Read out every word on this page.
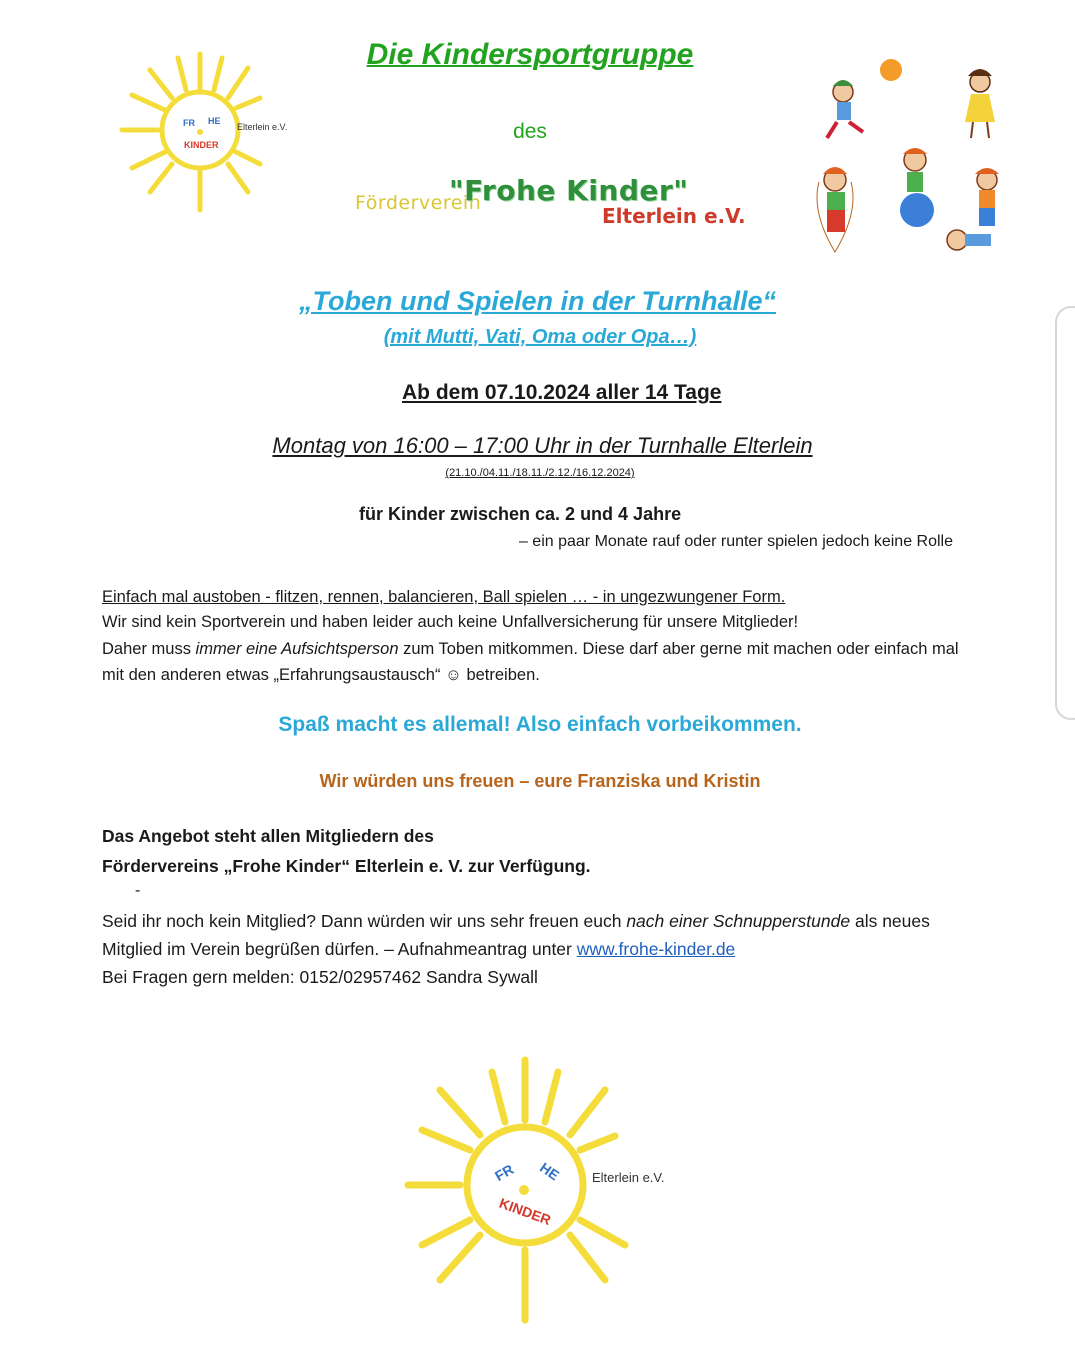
FR HE
KINDER
Elterlein e.V.
Die Kindersportgruppe
des
Förderverein
"Frohe Kinder"
Elterlein e.V.
„Toben und Spielen in der Turnhalle“
(mit Mutti, Vati, Oma oder Opa…)
Ab dem 07.10.2024 aller 14 Tage
Montag von 16:00 – 17:00 Uhr in der Turnhalle Elterlein
(21.10./04.11./18.11./2.12./16.12.2024)
für Kinder zwischen ca. 2 und 4 Jahre
– ein paar Monate rauf oder runter spielen jedoch keine Rolle
Einfach mal austoben - flitzen, rennen, balancieren, Ball spielen … - in ungezwungener Form.
Wir sind kein Sportverein und haben leider auch keine Unfallversicherung für unsere Mitglieder!
Daher muss immer eine Aufsichtsperson zum Toben mitkommen. Diese darf aber gerne mit machen oder einfach mal mit den anderen etwas „Erfahrungsaustausch“ ☺ betreiben.
Spaß macht es allemal! Also einfach vorbeikommen.
Wir würden uns freuen – eure Franziska und Kristin
Das Angebot steht allen Mitgliedern des
Fördervereins „Frohe Kinder“ Elterlein e. V. zur Verfügung.
-
Seid ihr noch kein Mitglied? Dann würden wir uns sehr freuen euch nach einer Schnupperstunde als neues Mitglied im Verein begrüßen dürfen. – Aufnahmeantrag unter www.frohe-kinder.de
Bei Fragen gern melden: 0152/02957462 Sandra Sywall
FR HE
KINDER
Elterlein e.V.
